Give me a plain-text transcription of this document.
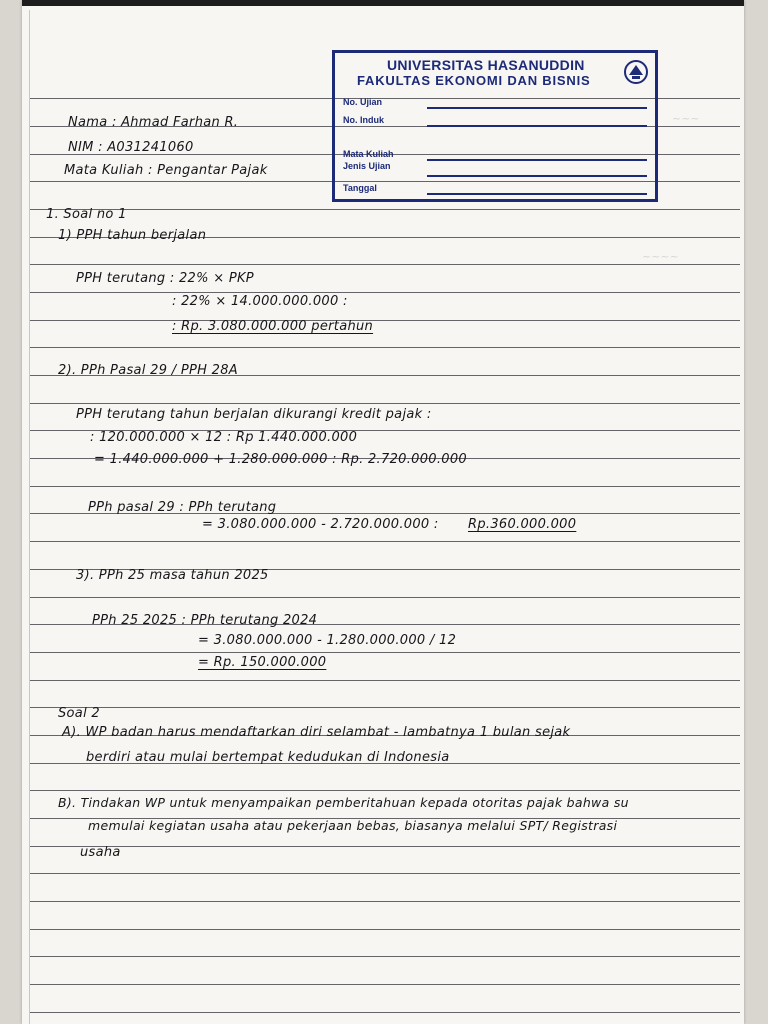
~~~
~~~~
UNIVERSITAS HASANUDDIN
FAKULTAS EKONOMI DAN BISNIS
No. Ujian
No. Induk
Mata Kuliah
Jenis Ujian
Tanggal
Nama : Ahmad Farhan R.
NIM : A031241060
Mata Kuliah : Pengantar Pajak
1. Soal no 1
1) PPH tahun berjalan
PPH terutang : 22% × PKP
: 22% × 14.000.000.000 :
: Rp. 3.080.000.000 pertahun
2). PPh Pasal 29 / PPH 28A
PPH terutang tahun berjalan dikurangi kredit pajak :
: 120.000.000 × 12 : Rp 1.440.000.000
= 1.440.000.000 + 1.280.000.000 : Rp. 2.720.000.000
PPh pasal 29 : PPh terutang
= 3.080.000.000 - 2.720.000.000 : Rp.360.000.000
3). PPh 25 masa tahun 2025
PPh 25 2025 : PPh terutang 2024
= 3.080.000.000 - 1.280.000.000 / 12
= Rp. 150.000.000
Soal 2
A). WP badan harus mendaftarkan diri selambat - lambatnya 1 bulan sejak
berdiri atau mulai bertempat kedudukan di Indonesia
B). Tindakan WP untuk menyampaikan pemberitahuan kepada otoritas pajak bahwa su
memulai kegiatan usaha atau pekerjaan bebas, biasanya melalui SPT/ Registrasi
usaha
